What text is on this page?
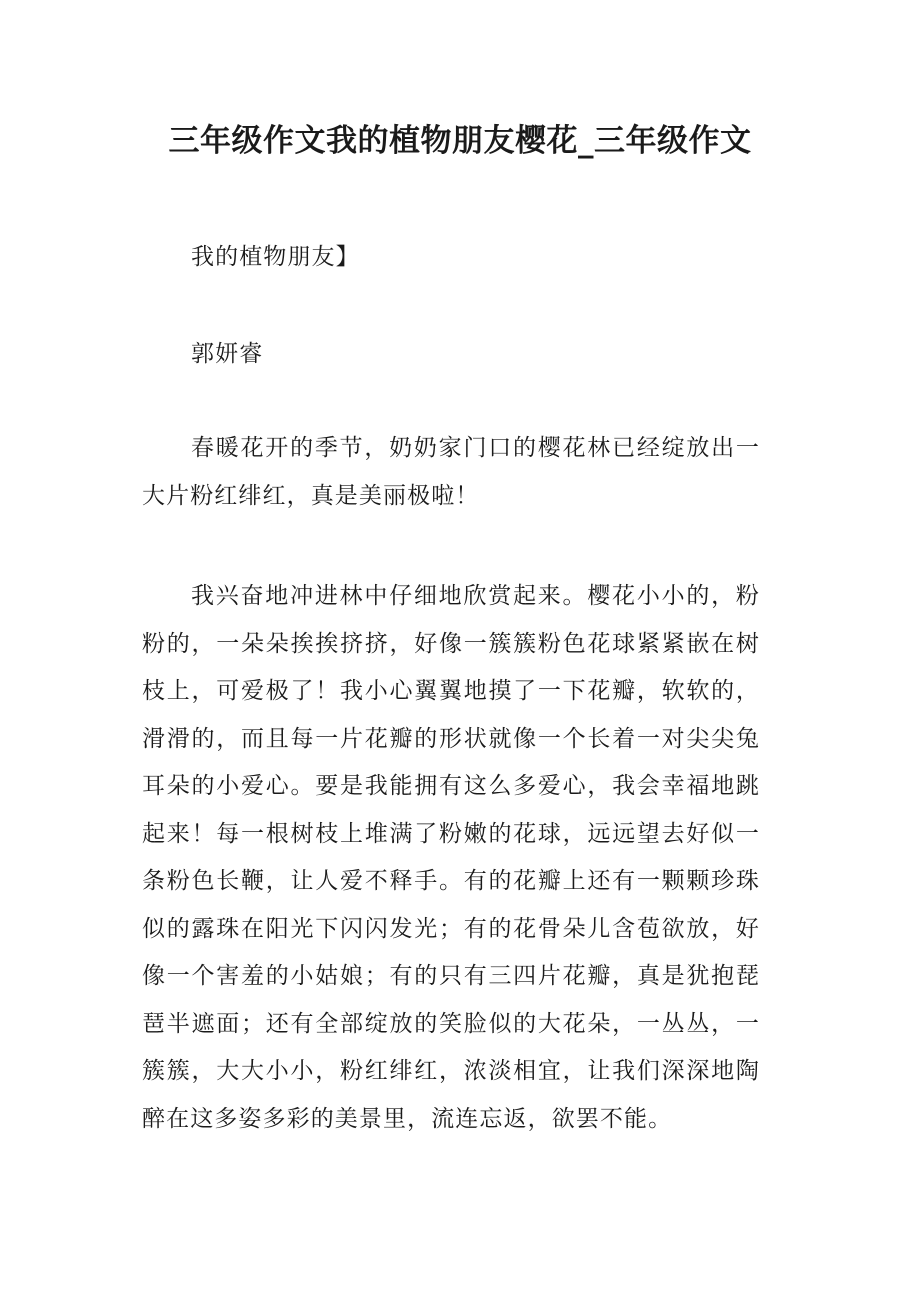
三年级作文我的植物朋友樱花_三年级作文

我的植物朋友】

郭妍睿

春暖花开的季节，奶奶家门口的樱花林已经绽放出一大片粉红绯红，真是美丽极啦！

我兴奋地冲进林中仔细地欣赏起来。樱花小小的，粉粉的，一朵朵挨挨挤挤，好像一簇簇粉色花球紧紧嵌在树枝上，可爱极了！我小心翼翼地摸了一下花瓣，软软的，滑滑的，而且每一片花瓣的形状就像一个长着一对尖尖兔耳朵的小爱心。要是我能拥有这么多爱心，我会幸福地跳起来！每一根树枝上堆满了粉嫩的花球，远远望去好似一条粉色长鞭，让人爱不释手。有的花瓣上还有一颗颗珍珠似的露珠在阳光下闪闪发光；有的花骨朵儿含苞欲放，好像一个害羞的小姑娘；有的只有三四片花瓣，真是犹抱琵琶半遮面；还有全部绽放的笑脸似的大花朵，一丛丛，一簇簇，大大小小，粉红绯红，浓淡相宜，让我们深深地陶醉在这多姿多彩的美景里，流连忘返，欲罢不能。
